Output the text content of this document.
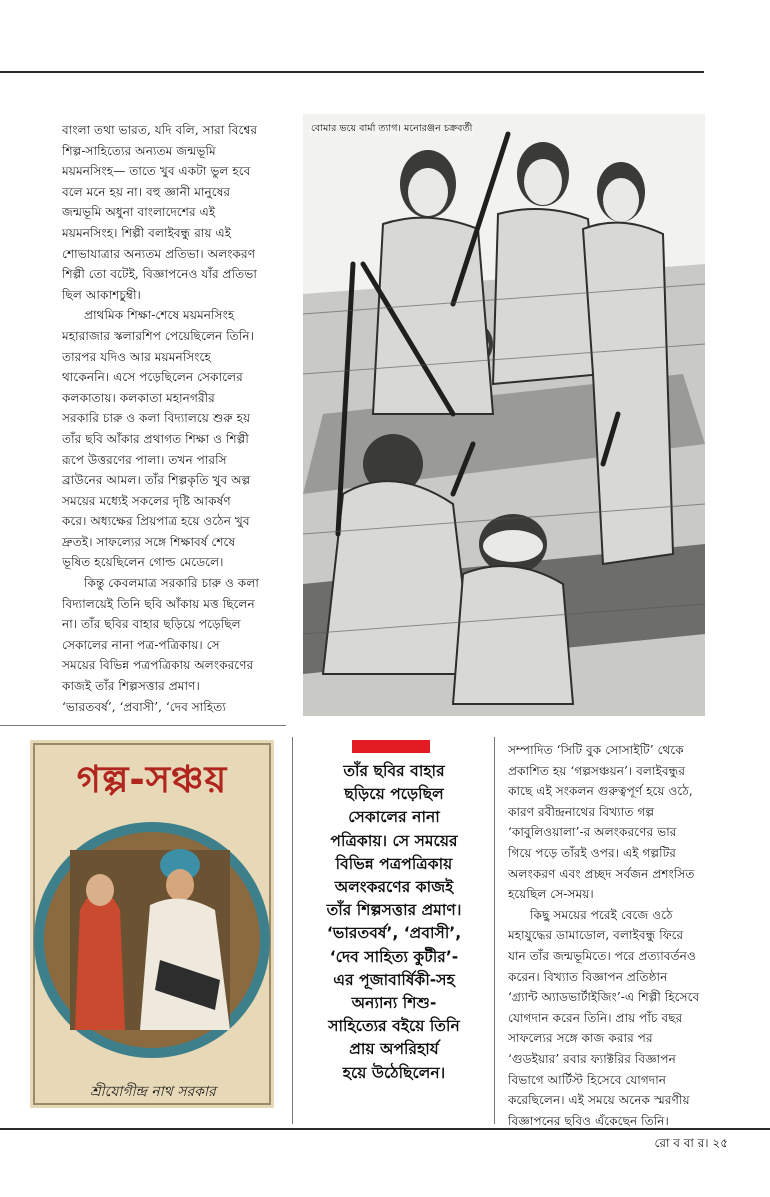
বাংলা তথা ভারত, যদি বলি, সারা বিশ্বের

শিল্প-সাহিত্যের অন্যতম জন্মভূমি

ময়মনসিংহ— তাতে খুব একটা ভুল হবে

বলে মনে হয় না। বহু জ্ঞানী মানুষের

জন্মভূমি অধুনা বাংলাদেশের এই

ময়মনসিংহ। শিল্পী বলাইবন্ধু রায় এই

শোভাযাত্রার অন্যতম প্রতিভা। অলংকরণ

শিল্পী তো বটেই, বিজ্ঞাপনেও যাঁর প্রতিভা

ছিল আকাশচুম্বী।

প্রাথমিক শিক্ষা-শেষে ময়মনসিংহ

মহারাজার স্কলারশিপ পেয়েছিলেন তিনি।

তারপর যদিও আর ময়মনসিংহে

থাকেননি। এসে পড়েছিলেন সেকালের

কলকাতায়। কলকাতা মহানগরীর

সরকারি চারু ও কলা বিদ্যালয়ে শুরু হয়

তাঁর ছবি আঁকার প্রথাগত শিক্ষা ও শিল্পী

রূপে উত্তরণের পালা। তখন পারসি

ব্রাউনের আমল। তাঁর শিল্পকৃতি খুব অল্প

সময়ের মধ্যেই সকলের দৃষ্টি আকর্ষণ

করে। অধ্যক্ষের প্রিয়পাত্র হয়ে ওঠেন খুব

দ্রুতই। সাফল্যের সঙ্গে শিক্ষাবর্ষ শেষে

ভূষিত হয়েছিলেন গোল্ড মেডেলে।

কিন্তু কেবলমাত্র সরকারি চারু ও কলা

বিদ্যালয়েই তিনি ছবি আঁকায় মত্ত ছিলেন

না। তাঁর ছবির বাহার ছড়িয়ে পড়েছিল

সেকালের নানা পত্র-পত্রিকায়। সে

সময়ের বিভিন্ন পত্রপত্রিকায় অলংকরণের

কাজই তাঁর শিল্পসত্তার প্রমাণ।

‘ভারতবর্ষ’, ‘প্রবাসী’, ‘দেব সাহিত্য

বোমার ভয়ে বার্মা ত্যাগ। মনোরঞ্জন চক্রবর্তী
গল্প-সঞ্চয়
শ্রীযোগীন্দ্র নাথ সরকার
তাঁর ছবির বাহার
ছড়িয়ে পড়েছিল
সেকালের নানা
পত্রিকায়। সে সময়ের
বিভিন্ন পত্রপত্রিকায়
অলংকরণের কাজই
তাঁর শিল্পসত্তার প্রমাণ।
‘ভারতবর্ষ’, ‘প্রবাসী’,
‘দেব সাহিত্য কুটীর’-
এর পূজাবার্ষিকী-সহ
অন্যান্য শিশু-
সাহিত্যের বইয়ে তিনি
প্রায় অপরিহার্য
হয়ে উঠেছিলেন।

সম্পাদিত ‘সিটি বুক সোসাইটি’ থেকে

প্রকাশিত হয় ‘গল্পসঞ্চয়ন’। বলাইবন্ধুর

কাছে এই সংকলন গুরুত্বপূর্ণ হয়ে ওঠে,

কারণ রবীন্দ্রনাথের বিখ্যাত গল্প

‘কাবুলিওয়ালা’-র অলংকরণের ভার

গিয়ে পড়ে তাঁরই ওপর। এই গল্পটির

অলংকরণ এবং প্রচ্ছদ সর্বজন প্রশংসিত

হয়েছিল সে-সময়।

কিছু সময়ের পরেই বেজে ওঠে

মহাযুদ্ধের ডামাডোল, বলাইবন্ধু ফিরে

যান তাঁর জন্মভূমিতে। পরে প্রত্যাবর্তনও

করেন। বিখ্যাত বিজ্ঞাপন প্রতিষ্ঠান

‘গ্র্যান্ট অ্যাডভার্টাইজিং’-এ শিল্পী হিসেবে

যোগদান করেন তিনি। প্রায় পাঁচ বছর

সাফল্যের সঙ্গে কাজ করার পর

‘গুডইয়ার’ রবার ফ্যাক্টরির বিজ্ঞাপন

বিভাগে আর্টিস্ট হিসেবে যোগদান

করেছিলেন। এই সময়ে অনেক স্মরণীয়

বিজ্ঞাপনের ছবিও এঁকেছেন তিনি।

রো ব বা র। ২৫
